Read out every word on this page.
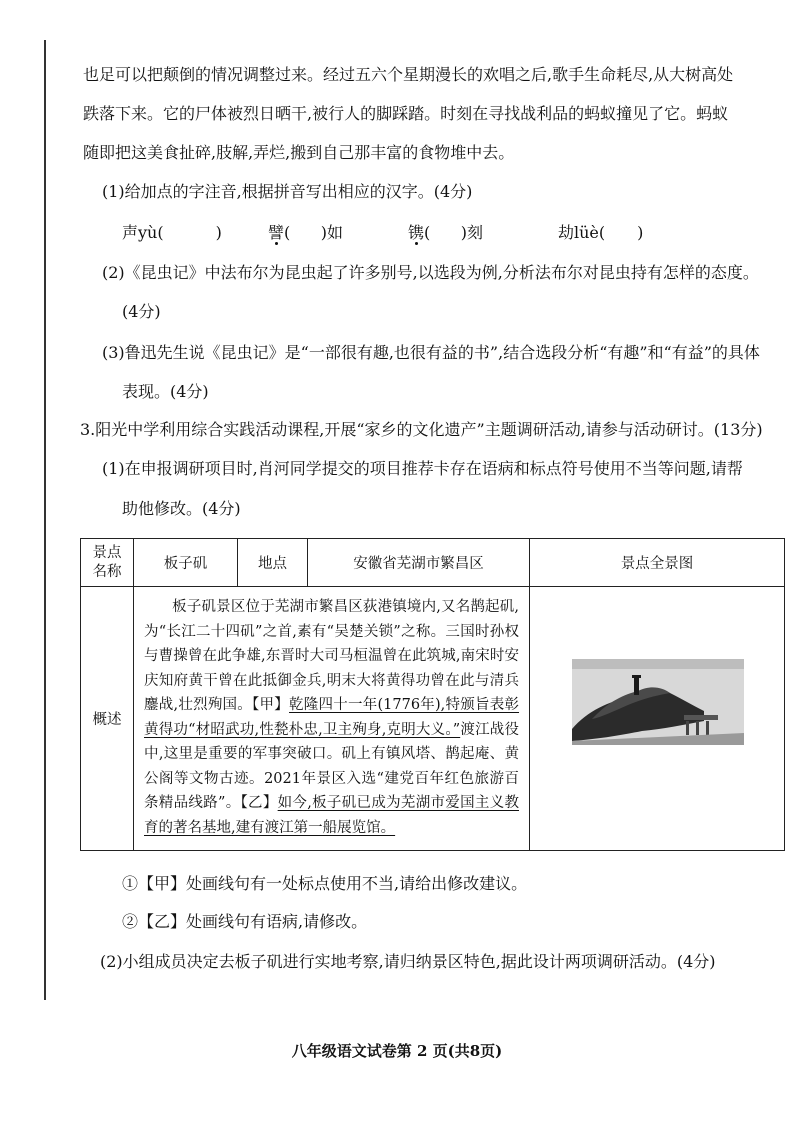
也足可以把颠倒的情况调整过来。经过五六个星期漫长的欢唱之后,歌手生命耗尽,从大树高处
跌落下来。它的尸体被烈日晒干,被行人的脚踩踏。时刻在寻找战利品的蚂蚁撞见了它。蚂蚁
随即把这美食扯碎,肢解,弄烂,搬到自己那丰富的食物堆中去。
(1)给加点的字注音,根据拼音写出相应的汉字。(4分)
声yù(	)	譬(      )如	镌(      )刻	劫lüè( )
(2)《昆虫记》中法布尔为昆虫起了许多别号,以选段为例,分析法布尔对昆虫持有怎样的态度。
(4分)
(3)鲁迅先生说《昆虫记》是“一部很有趣,也很有益的书”,结合选段分析“有趣”和“有益”的具体
表现。(4分)
3.阳光中学利用综合实践活动课程,开展“家乡的文化遗产”主题调研活动,请参与活动研讨。(13分)
(1)在申报调研项目时,肖河同学提交的项目推荐卡存在语病和标点符号使用不当等问题,请帮
助他修改。(4分)
景点
名称	板子矶	地点	安徽省芜湖市繁昌区	景点全景图
概述	板子矶景区位于芜湖市繁昌区荻港镇境内,又名鹊起矶,为“长江二十四矶”之首,素有“吴楚关锁”之称。三国时孙权与曹操曾在此争雄,东晋时大司马桓温曾在此筑城,南宋时安庆知府黄干曾在此抵御金兵,明末大将黄得功曾在此与清兵鏖战,壮烈殉国。【甲】乾隆四十一年(1776年),特颁旨表彰黄得功“材昭武功,性甃朴忠,卫主殉身,克明大义。”渡江战役中,这里是重要的军事突破口。矶上有镇风塔、鹊起庵、黄公阁等文物古迹。2021年景区入选“建党百年红色旅游百条精品线路”。【乙】如今,板子矶已成为芜湖市爱国主义教育的著名基地,建有渡江第一船展览馆。	
①【甲】处画线句有一处标点使用不当,请给出修改建议。
②【乙】处画线句有语病,请修改。
(2)小组成员决定去板子矶进行实地考察,请归纳景区特色,据此设计两项调研活动。(4分)
八年级语文试卷第 2 页(共8页)
